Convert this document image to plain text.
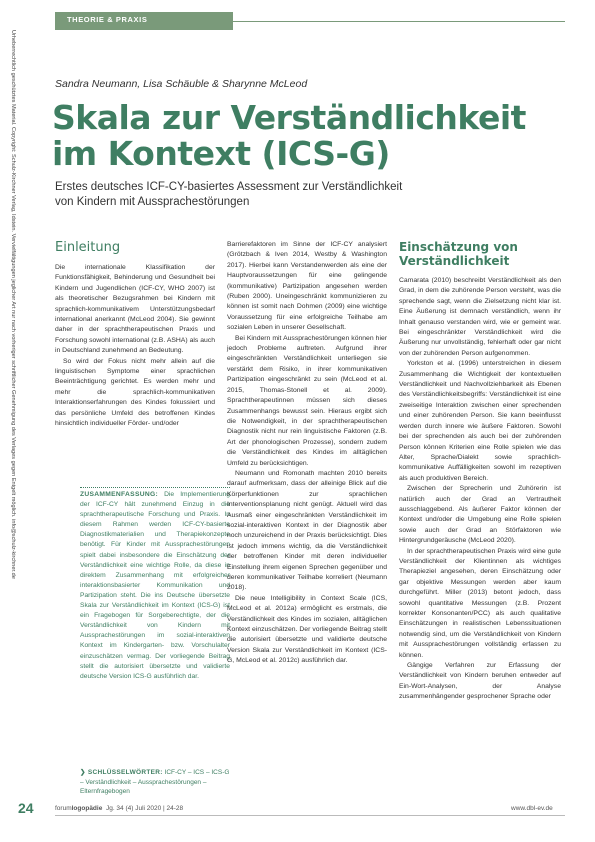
THEORIE & PRAXIS
Urheberrechtlich geschütztes Material. Copyright: Schulz-Kirchner Verlag, Idstein. Vervielfältigungen jeglicher Art nur nach vorheriger schriftlicher Genehmigung des Verlages gegen Entgelt möglich. info@schulz-kirchner.de	Sandra Neumann, Lisa Schäuble & Sharynne McLeod
Skala zur Verständlichkeit
im Kontext (ICS-G)
Erstes deutsches ICF-CY-basiertes Assessment zur Verständlichkeit
von Kindern mit Aussprachestörungen
Einleitung

Die internationale Klassifikation der Funktionsfähigkeit, Behinderung und Gesundheit bei Kindern und Jugendlichen (ICF-CY, WHO 2007) ist als theoretischer Bezugsrahmen bei Kindern mit sprachlich-kommunikativem Unterstützungsbedarf international anerkannt (McLeod 2004). Sie gewinnt daher in der sprachtherapeutischen Praxis und Forschung sowohl international (z.B. ASHA) als auch in Deutschland zunehmend an Bedeutung.

So wird der Fokus nicht mehr allein auf die linguistischen Symptome einer sprachlichen Beeinträchtigung gerichtet. Es werden mehr und mehr die sprachlich-kommunikativen Interaktionserfahrungen des Kindes fokussiert und das persönliche Umfeld des betroffenen Kindes hinsichtlich individueller Förder- und/oder

ZUSAMMENFASSUNG: Die Implementierung der ICF-CY hält zunehmend Einzug in die sprachtherapeutische Forschung und Praxis. In diesem Rahmen werden ICF-CY-basierte Diagnostikmaterialien und Therapiekonzepte benötigt. Für Kinder mit Aussprachestörungen spielt dabei insbesondere die Einschätzung der Verständlichkeit eine wichtige Rolle, da diese in direktem Zusammenhang mit erfolgreicher interaktionsbasierter Kommunikation und Partizipation steht. Die ins Deutsche übersetzte Skala zur Verständlichkeit im Kontext (ICS-G) ist ein Fragebogen für Sorgeberechtigte, der die Verständlichkeit von Kindern mit Aussprachestörungen im sozial-interaktiven Kontext im Kindergarten- bzw. Vorschulalter einzuschätzen vermag. Der vorliegende Beitrag stellt die autorisiert übersetzte und validierte deutsche Version ICS-G ausführlich dar.
❯ SCHLÜSSELWÖRTER: ICF-CY – ICS – ICS-G – Verständlichkeit – Aussprachestörungen – Elternfragebogen

Barrierefaktoren im Sinne der ICF-CY analysiert (Grötzbach & Iven 2014, Westby & Washington 2017). Hierbei kann Verstandenwerden als eine der Hauptvoraussetzungen für eine gelingende (kommunikative) Partizipation angesehen werden (Ruben 2000). Uneingeschränkt kommunizieren zu können ist somit nach Dohmen (2009) eine wichtige Voraussetzung für eine erfolgreiche Teilhabe am sozialen Leben in unserer Gesellschaft.

Bei Kindern mit Aussprachestörungen können hier jedoch Probleme auftreten. Aufgrund ihrer eingeschränkten Verständlichkeit unterliegen sie verstärkt dem Risiko, in ihrer kommunikativen Partizipation eingeschränkt zu sein (McLeod et al. 2015, Thomas-Stonell et al. 2009). Sprachtherapeutinnen müssen sich dieses Zusammenhangs bewusst sein. Hieraus ergibt sich die Notwendigkeit, in der sprachtherapeutischen Diagnostik nicht nur rein linguistische Faktoren (z.B. Art der phonologischen Prozesse), sondern zudem die Verständlichkeit des Kindes im alltäglichen Umfeld zu berücksichtigen.

Neumann und Romonath machten 2010 bereits darauf aufmerksam, dass der alleinige Blick auf die Körperfunktionen zur sprachlichen Interventionsplanung nicht genügt. Aktuell wird das Ausmaß einer eingeschränkten Verständlichkeit im sozial-interaktiven Kontext in der Diagnostik aber noch unzureichend in der Praxis berücksichtigt. Dies ist jedoch immens wichtig, da die Verständlichkeit der betroffenen Kinder mit deren individueller Einstellung ihrem eigenen Sprechen gegenüber und deren kommunikativer Teilhabe korreliert (Neumann 2018).

Die neue Intelligibility in Context Scale (ICS, McLeod et al. 2012a) ermöglicht es erstmals, die Verständlichkeit des Kindes im sozialen, alltäglichen Kontext einzuschätzen. Der vorliegende Beitrag stellt die autorisiert übersetzte und validierte deutsche Version Skala zur Verständlichkeit im Kontext (ICS-G, McLeod et al. 2012c) ausführlich dar.

Einschätzung von
Verständlichkeit

Camarata (2010) beschreibt Verständlichkeit als den Grad, in dem die zuhörende Person versteht, was die sprechende sagt, wenn die Zielsetzung nicht klar ist. Eine Äußerung ist demnach verständlich, wenn ihr Inhalt genauso verstanden wird, wie er gemeint war. Bei eingeschränkter Verständlichkeit wird die Äußerung nur unvollständig, fehlerhaft oder gar nicht von der zuhörenden Person aufgenommen.

Yorkston et al. (1996) unterstreichen in diesem Zusammenhang die Wichtigkeit der kontextuellen Verständlichkeit und Nachvollziehbarkeit als Ebenen des Verständlichkeitsbegriffs: Verständlichkeit ist eine zweiseitige Interaktion zwischen einer sprechenden und einer zuhörenden Person. Sie kann beeinflusst werden durch innere wie äußere Faktoren. Sowohl bei der sprechenden als auch bei der zuhörenden Person können Kriterien eine Rolle spielen wie das Alter, Sprache/Dialekt sowie sprachlich-kommunikative Auffälligkeiten sowohl im rezeptiven als auch produktiven Bereich.

Zwischen der Sprecherin und Zuhörerin ist natürlich auch der Grad an Vertrautheit ausschlaggebend. Als äußerer Faktor können der Kontext und/oder die Umgebung eine Rolle spielen sowie auch der Grad an Störfaktoren wie Hintergrundgeräusche (McLeod 2020).

In der sprachtherapeutischen Praxis wird eine gute Verständlichkeit der Klientinnen als wichtiges Therapieziel angesehen, deren Einschätzung oder gar objektive Messungen werden aber kaum durchgeführt. Miller (2013) betont jedoch, dass sowohl quantitative Messungen (z.B. Prozent korrekter Konsonanten/PCC) als auch qualitative Einschätzungen in realistischen Lebenssituationen notwendig sind, um die Verständlichkeit von Kindern mit Aussprachestörungen vollständig erfassen zu können.

Gängige Verfahren zur Erfassung der Verständlichkeit von Kindern beruhen entweder auf Ein-Wort-Analysen, der Analyse zusammenhängender gesprochener Sprache oder

24	forumlogopädie Jg. 34 (4) Juli 2020 | 24-28	www.dbl-ev.de
